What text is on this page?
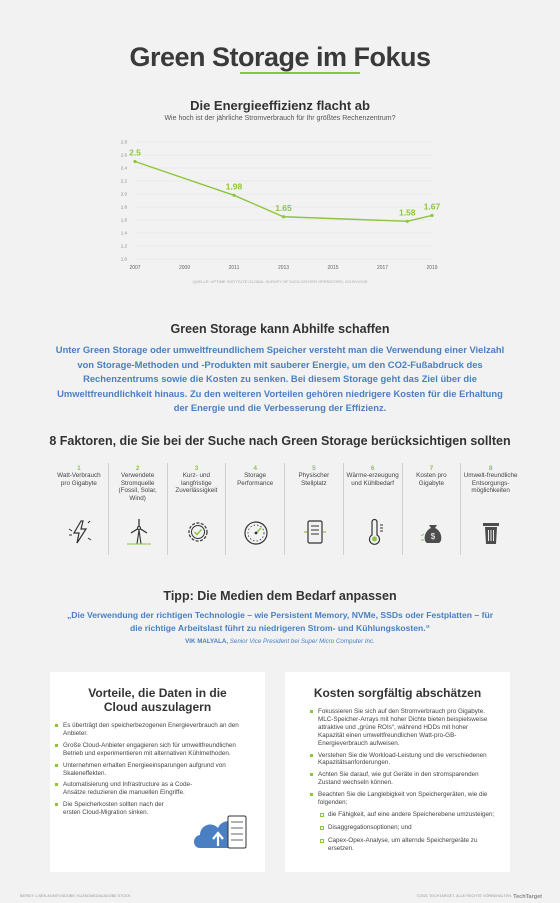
Green Storage im Fokus
Die Energieeffizienz flacht ab
Wie hoch ist der jährliche Stromverbrauch für Ihr größtes Rechenzentrum?
1.0
1.2
1.4
1.6
1.8
2.0
2.2
2.4
2.6
2.8
2007	2009	2011	2013	2015	2017	2019
2.5
1.98
1.65	1.58
1.67
QUELLE: UPTIME INSTITUTE GLOBAL SURVEY OF DATA CENTER OPERATORS, 2019/VVOIR
Green Storage kann Abhilfe schaffen
Unter Green Storage oder umweltfreundlichem Speicher versteht man die Verwendung einer Vielzahl von Storage-Methoden und -Produkten mit sauberer Energie, um den CO2-Fußabdruck des Rechenzentrums sowie die Kosten zu senken. Bei diesem Storage geht das Ziel über die Umweltfreundlichkeit hinaus. Zu den weiteren Vorteilen gehören niedrigere Kosten für die Erhaltung der Energie und die Verbesserung der Effizienz.
8 Faktoren, die Sie bei der Suche nach Green Storage berücksichtigen sollten
1
Watt-Verbrauch pro Gigabyte
2
Verwendete Stromquelle (Fossil, Solar, Wind)
3
Kurz- und langfristige Zuverlässigkeit
4
Storage Performance
5
Physischer Stellplatz
6
Wärme-erzeugung und Kühlbedarf
7
Kosten pro Gigabyte
$
8
Umwelt-freundliche Entsorgungs-möglichkeiten
Tipp: Die Medien dem Bedarf anpassen
„Die Verwendung der richtigen Technologie – wie Persistent Memory, NVMe, SSDs oder Festplatten – für die richtige Arbeitslast führt zu niedrigeren Strom- und Kühlungskosten.“
VIK MALYALA, Senior Vice President bei Super Micro Computer Inc.
Vorteile, die Daten in die Cloud auszulagern
Es überträgt den speicherbezogenen Energieverbrauch an den Anbieter.
Große Cloud-Anbieter engagieren sich für umweltfreundlichen Betrieb und experimentieren mit alternativen Kühlmethoden.
Unternehmen erhalten Energieeinsparungen aufgrund von Skaleneffekten.
Automatisierung und Infrastructure as a Code-Ansätze reduzieren die manuellen Eingriffe.
Die Speicherkosten sollten nach der ersten Cloud-Migration sinken.
Kosten sorgfältig abschätzen
Fokussieren Sie sich auf den Stromverbrauch pro Gigabyte. MLC-Speicher-Arrays mit hoher Dichte bieten beispielsweise attraktive und „grüne ROIs“, während HDDs mit hoher Kapazität einen umweltfreundlichen Watt-pro-GB-Energieverbrauch aufweisen.
Verstehen Sie die Workload-Leistung und die verschiedenen Kapazitätsanforderungen.
Achten Sie darauf, wie gut Geräte in den stromsparenden Zustand wechseln können.
Beachten Sie die Langlebigkeit von Speichergeräten, wie die folgenden:
die Fähigkeit, auf eine andere Speicherebene umzusteigen;
Disaggregationsoptionen; und
Capex-Opex-Analyse, um alternde Speichergeräte zu ersetzen.
BEREIT: LISEN AGNEY/ADOBE; KUZNOMEDIA/ADOBE STOCK	©2021 TECHTARGET. ALLE RECHTE VORBEHALTEN. TechTarget
